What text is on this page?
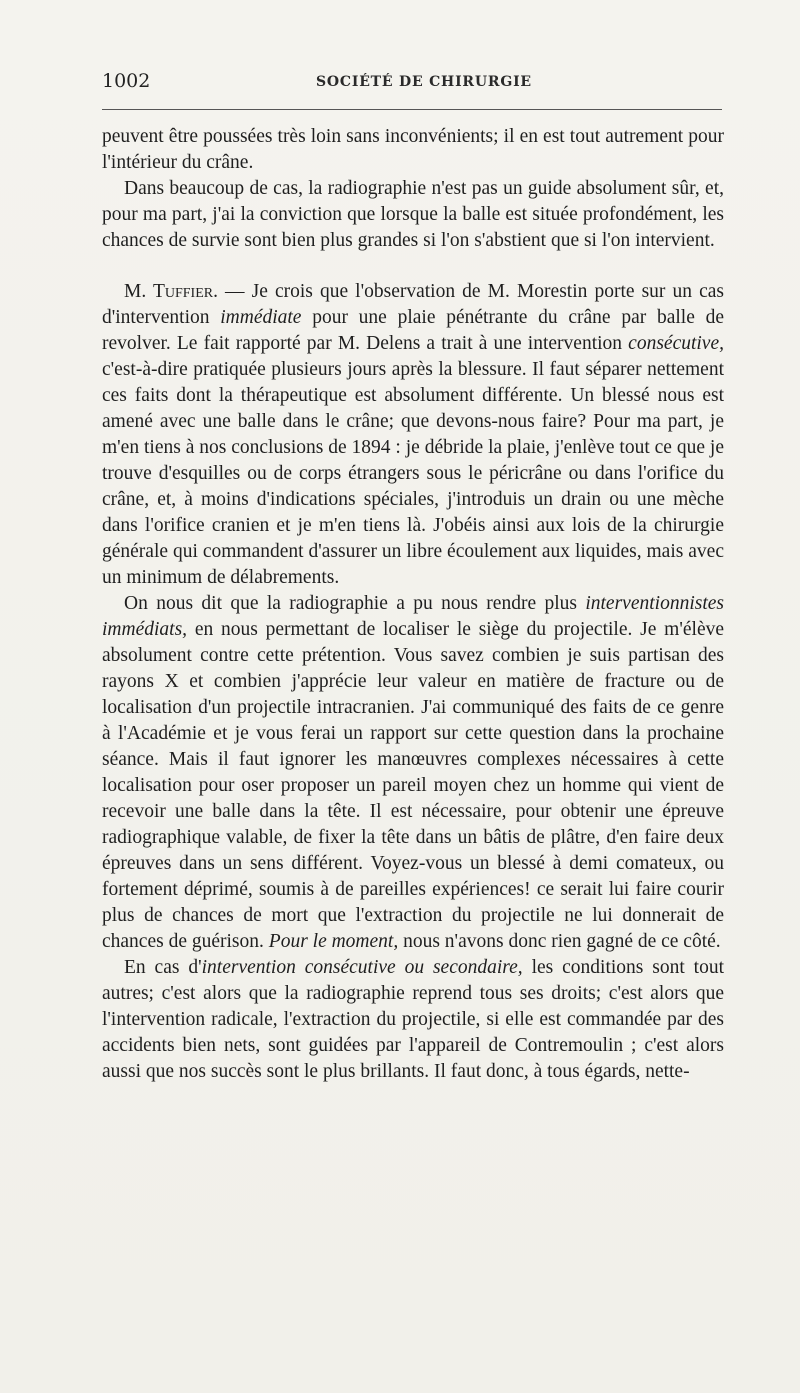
1002	SOCIÉTÉ DE CHIRURGIE

peuvent être poussées très loin sans inconvénients; il en est tout autrement pour l'intérieur du crâne.

Dans beaucoup de cas, la radiographie n'est pas un guide absolument sûr, et, pour ma part, j'ai la conviction que lorsque la balle est située profondément, les chances de survie sont bien plus grandes si l'on s'abstient que si l'on intervient.

M. Tuffier. — Je crois que l'observation de M. Morestin porte sur un cas d'intervention immédiate pour une plaie pénétrante du crâne par balle de revolver. Le fait rapporté par M. Delens a trait à une intervention consécutive, c'est-à-dire pratiquée plusieurs jours après la blessure. Il faut séparer nettement ces faits dont la thérapeutique est absolument différente. Un blessé nous est amené avec une balle dans le crâne; que devons-nous faire? Pour ma part, je m'en tiens à nos conclusions de 1894 : je débride la plaie, j'enlève tout ce que je trouve d'esquilles ou de corps étrangers sous le péricrâne ou dans l'orifice du crâne, et, à moins d'indications spéciales, j'introduis un drain ou une mèche dans l'orifice cranien et je m'en tiens là. J'obéis ainsi aux lois de la chirurgie générale qui commandent d'assurer un libre écoulement aux liquides, mais avec un minimum de délabrements.

On nous dit que la radiographie a pu nous rendre plus interventionnistes immédiats, en nous permettant de localiser le siège du projectile. Je m'élève absolument contre cette prétention. Vous savez combien je suis partisan des rayons X et combien j'apprécie leur valeur en matière de fracture ou de localisation d'un projectile intracranien. J'ai communiqué des faits de ce genre à l'Académie et je vous ferai un rapport sur cette question dans la prochaine séance. Mais il faut ignorer les manœuvres complexes nécessaires à cette localisation pour oser proposer un pareil moyen chez un homme qui vient de recevoir une balle dans la tête. Il est nécessaire, pour obtenir une épreuve radiographique valable, de fixer la tête dans un bâtis de plâtre, d'en faire deux épreuves dans un sens différent. Voyez-vous un blessé à demi comateux, ou fortement déprimé, soumis à de pareilles expériences! ce serait lui faire courir plus de chances de mort que l'extraction du projectile ne lui donnerait de chances de guérison. Pour le moment, nous n'avons donc rien gagné de ce côté.

En cas d'intervention consécutive ou secondaire, les conditions sont tout autres; c'est alors que la radiographie reprend tous ses droits; c'est alors que l'intervention radicale, l'extraction du projectile, si elle est commandée par des accidents bien nets, sont guidées par l'appareil de Contremoulin ; c'est alors aussi que nos succès sont le plus brillants. Il faut donc, à tous égards, nette-
